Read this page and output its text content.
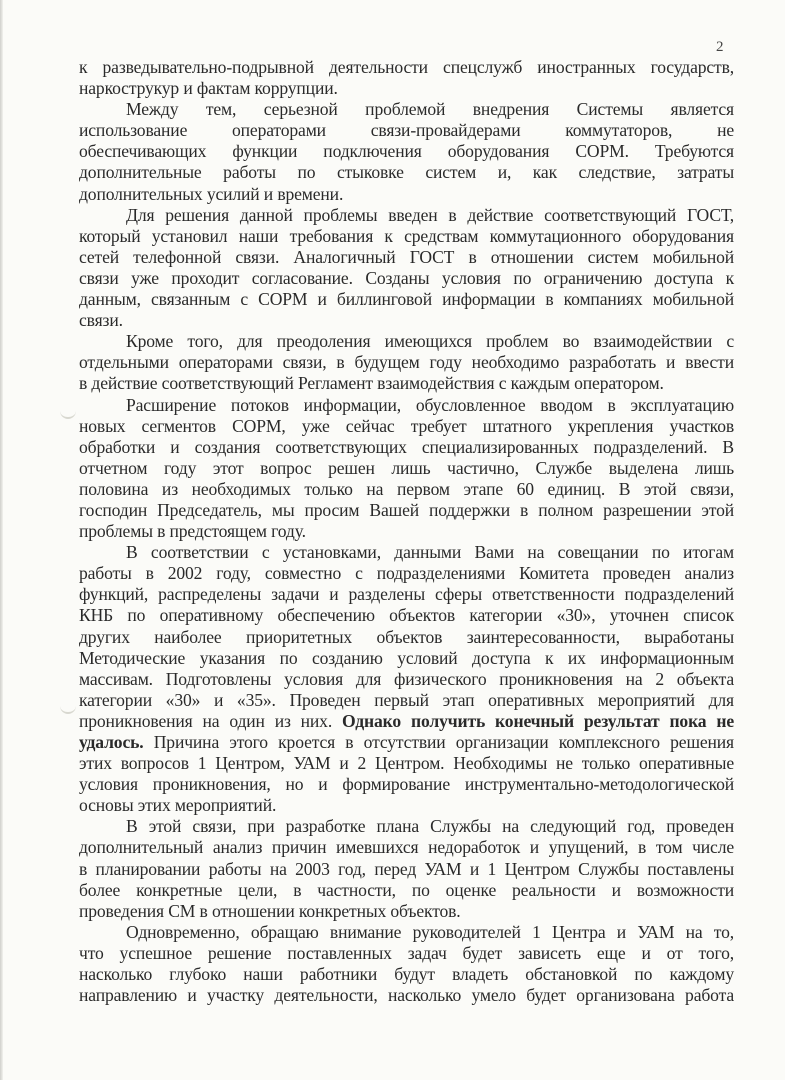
2
к разведывательно-подрывной деятельности спецслужб иностранных государств,
наркострукур и фактам коррупции.
Между тем, серьезной проблемой внедрения Системы является
использование операторами связи-провайдерами коммутаторов, не
обеспечивающих функции подключения оборудования СОРМ. Требуются
дополнительные работы по стыковке систем и, как следствие, затраты
дополнительных усилий и времени.
Для решения данной проблемы введен в действие соответствующий ГОСТ,
который установил наши требования к средствам коммутационного оборудования
сетей телефонной связи. Аналогичный ГОСТ в отношении систем мобильной
связи уже проходит согласование. Созданы условия по ограничению доступа к
данным, связанным с СОРМ и биллинговой информации в компаниях мобильной
связи.
Кроме того, для преодоления имеющихся проблем во взаимодействии с
отдельными операторами связи, в будущем году необходимо разработать и ввести
в действие соответствующий Регламент взаимодействия с каждым оператором.
Расширение потоков информации, обусловленное вводом в эксплуатацию
новых сегментов СОРМ, уже сейчас требует штатного укрепления участков
обработки и создания соответствующих специализированных подразделений. В
отчетном году этот вопрос решен лишь частично, Службе выделена лишь
половина из необходимых только на первом этапе 60 единиц. В этой связи,
господин Председатель, мы просим Вашей поддержки в полном разрешении этой
проблемы в предстоящем году.
В соответствии с установками, данными Вами на совещании по итогам
работы в 2002 году, совместно с подразделениями Комитета проведен анализ
функций, распределены задачи и разделены сферы ответственности подразделений
КНБ по оперативному обеспечению объектов категории «30», уточнен список
других наиболее приоритетных объектов заинтересованности, выработаны
Методические указания по созданию условий доступа к их информационным
массивам. Подготовлены условия для физического проникновения на 2 объекта
категории «30» и «35». Проведен первый этап оперативных мероприятий для
проникновения на один из них. Однако получить конечный результат пока не
удалось. Причина этого кроется в отсутствии организации комплексного решения
этих вопросов 1 Центром, УАМ и 2 Центром. Необходимы не только оперативные
условия проникновения, но и формирование инструментально-методологической
основы этих мероприятий.
В этой связи, при разработке плана Службы на следующий год, проведен
дополнительный анализ причин имевшихся недоработок и упущений, в том числе
в планировании работы на 2003 год, перед УАМ и 1 Центром Службы поставлены
более конкретные цели, в частности, по оценке реальности и возможности
проведения СМ в отношении конкретных объектов.
Одновременно, обращаю внимание руководителей 1 Центра и УАМ на то,
что успешное решение поставленных задач будет зависеть еще и от того,
насколько глубоко наши работники будут владеть обстановкой по каждому
направлению и участку деятельности, насколько умело будет организована работа
